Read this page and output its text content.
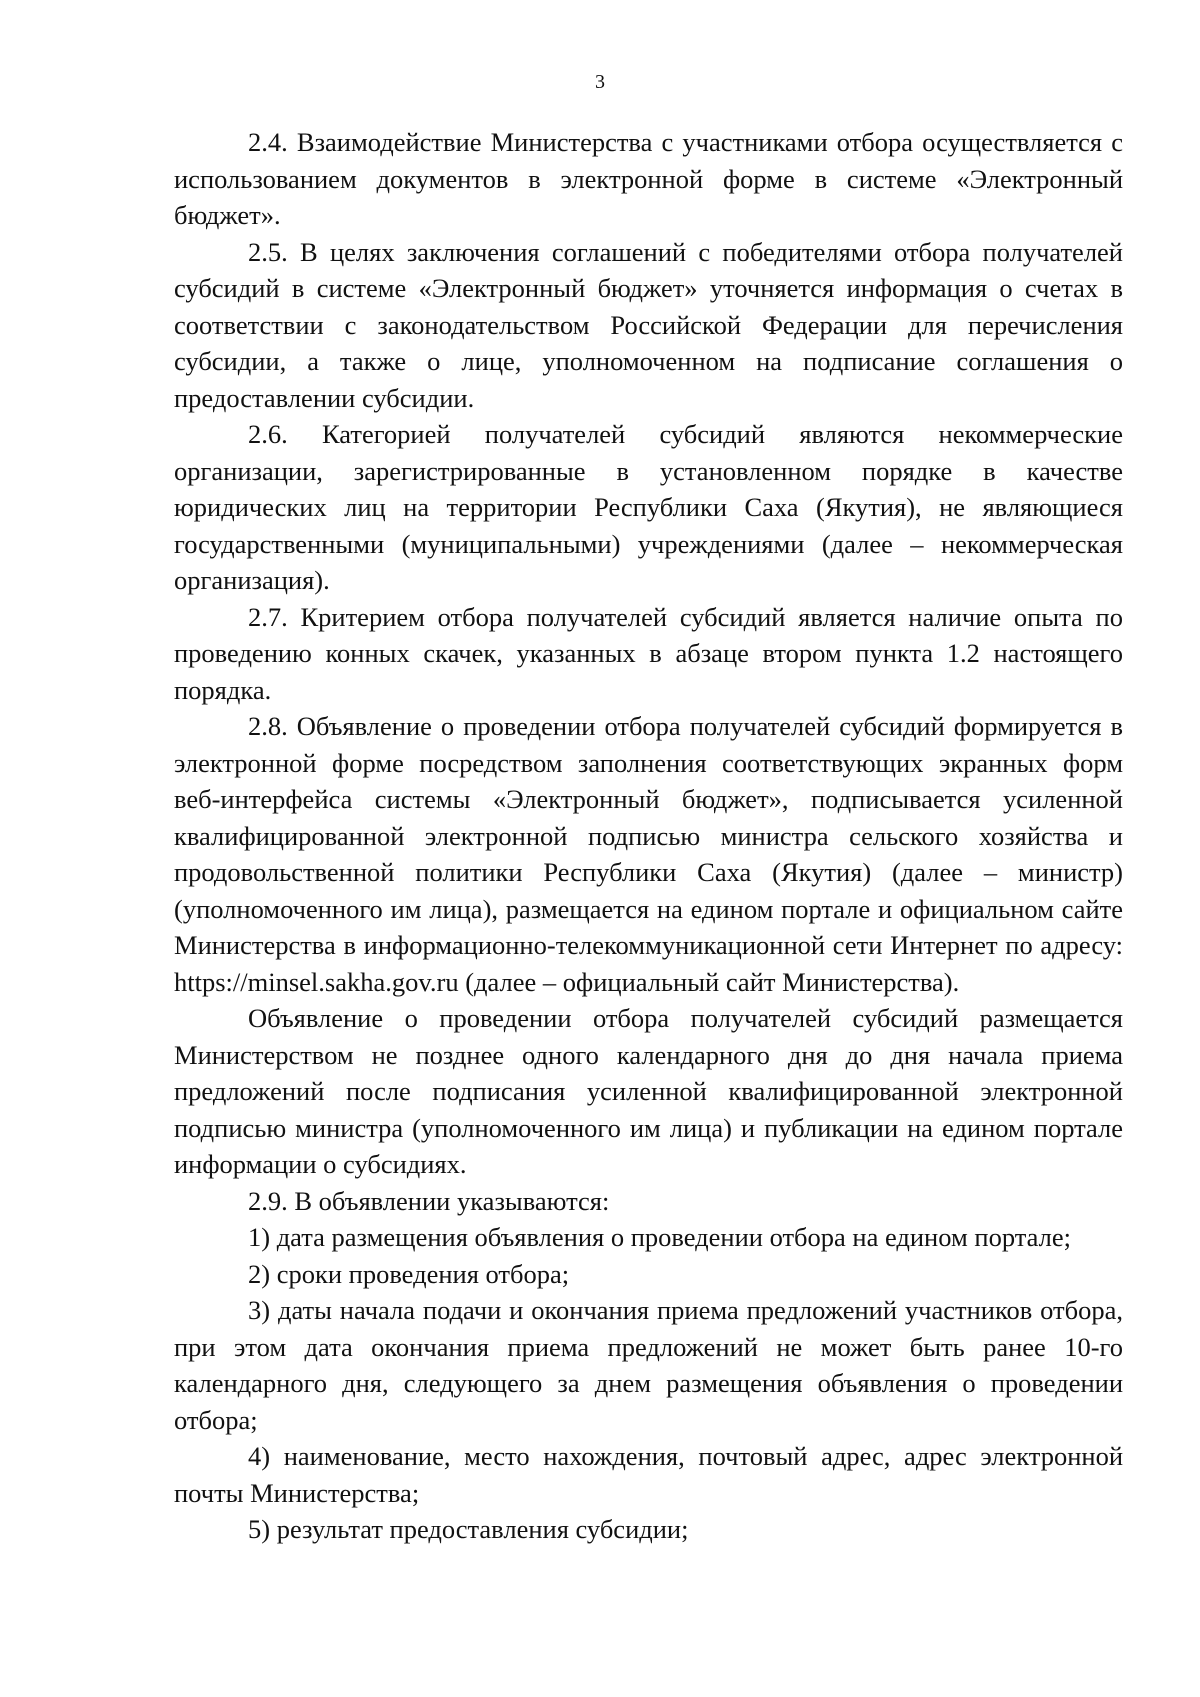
3

2.4. Взаимодействие Министерства с участниками отбора осуществляется с использованием документов в электронной форме в системе «Электронный бюджет».

2.5. В целях заключения соглашений с победителями отбора получателей субсидий в системе «Электронный бюджет» уточняется информация о счетах в соответствии с законодательством Российской Федерации для перечисления субсидии, а также о лице, уполномоченном на подписание соглашения о предоставлении субсидии.

2.6. Категорией получателей субсидий являются некоммерческие организации, зарегистрированные в установленном порядке в качестве юридических лиц на территории Республики Саха (Якутия), не являющиеся государственными (муниципальными) учреждениями (далее – некоммерческая организация).

2.7. Критерием отбора получателей субсидий является наличие опыта по проведению конных скачек, указанных в абзаце втором пункта 1.2 настоящего порядка.

2.8. Объявление о проведении отбора получателей субсидий формируется в электронной форме посредством заполнения соответствующих экранных форм веб-интерфейса системы «Электронный бюджет», подписывается усиленной квалифицированной электронной подписью министра сельского хозяйства и продовольственной политики Республики Саха (Якутия) (далее – министр) (уполномоченного им лица), размещается на едином портале и официальном сайте Министерства в информационно-телекоммуникационной сети Интернет по адресу: https://minsel.sakha.gov.ru (далее – официальный сайт Министерства).

Объявление о проведении отбора получателей субсидий размещается Министерством не позднее одного календарного дня до дня начала приема предложений после подписания усиленной квалифицированной электронной подписью министра (уполномоченного им лица) и публикации на едином портале информации о субсидиях.

2.9. В объявлении указываются:

1) дата размещения объявления о проведении отбора на едином портале;

2) сроки проведения отбора;

3) даты начала подачи и окончания приема предложений участников отбора, при этом дата окончания приема предложений не может быть ранее 10-го календарного дня, следующего за днем размещения объявления о проведении отбора;

4) наименование, место нахождения, почтовый адрес, адрес электронной почты Министерства;

5) результат предоставления субсидии;
